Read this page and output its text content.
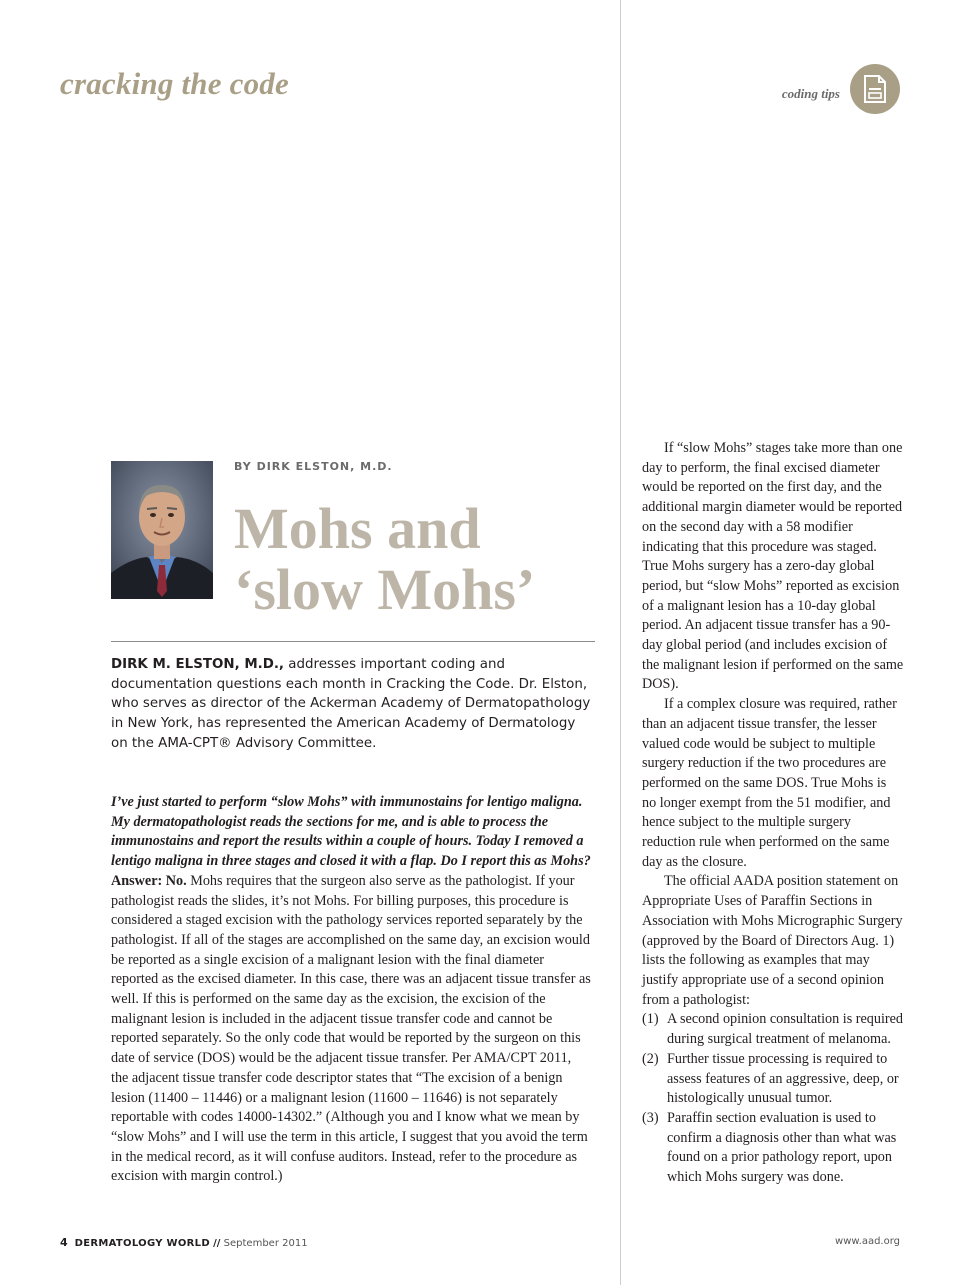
cracking the code	coding tips
BY DIRK ELSTON, M.D.
Mohs and
‘slow Mohs’
DIRK M. ELSTON, M.D., addresses important coding and documentation questions each month in Cracking the Code. Dr. Elston, who serves as director of the Ackerman Academy of Dermatopathology in New York, has represented the American Academy of Dermatology on the AMA-CPT® Advisory Committee.
I’ve just started to perform “slow Mohs” with immunostains for lentigo maligna. My dermatopathologist reads the sections for me, and is able to process the immunostains and report the results within a couple of hours. Today I removed a lentigo maligna in three stages and closed it with a flap. Do I report this as Mohs?
Answer: No. Mohs requires that the surgeon also serve as the pathologist. If your pathologist reads the slides, it’s not Mohs. For billing purposes, this procedure is considered a staged excision with the pathology services reported separately by the pathologist. If all of the stages are accomplished on the same day, an excision would be reported as a single excision of a malignant lesion with the final diameter reported as the excised diameter. In this case, there was an adjacent tissue transfer as well. If this is performed on the same day as the excision, the excision of the malignant lesion is included in the adjacent tissue transfer code and cannot be reported separately. So the only code that would be reported by the surgeon on this date of service (DOS) would be the adjacent tissue transfer. Per AMA/CPT 2011, the adjacent tissue transfer code descriptor states that “The excision of a benign lesion (11400 – 11446) or a malignant lesion (11600 – 11646) is not separately reportable with codes 14000-14302.” (Although you and I know what we mean by “slow Mohs” and I will use the term in this article, I suggest that you avoid the term in the medical record, as it will confuse auditors. Instead, refer to the procedure as excision with margin control.)

If “slow Mohs” stages take more than one day to perform, the final excised diameter would be reported on the first day, and the additional margin diameter would be reported on the second day with a 58 modifier indicating that this procedure was staged. True Mohs surgery has a zero-day global period, but “slow Mohs” reported as excision of a malignant lesion has a 10-day global period. An adjacent tissue transfer has a 90-day global period (and includes excision of the malignant lesion if performed on the same DOS).

If a complex closure was required, rather than an adjacent tissue transfer, the lesser valued code would be subject to multiple surgery reduction if the two procedures are performed on the same DOS. True Mohs is no longer exempt from the 51 modifier, and hence subject to the multiple surgery reduction rule when performed on the same day as the closure.

The official AADA position statement on Appropriate Uses of Paraffin Sections in Association with Mohs Micrographic Surgery (approved by the Board of Directors Aug. 1) lists the following as examples that may justify appropriate use of a second opinion from a pathologist:

(1) A second opinion consultation is required during surgical treatment of melanoma.
(2) Further tissue processing is required to assess features of an aggressive, deep, or histologically unusual tumor.
(3) Paraffin section evaluation is used to confirm a diagnosis other than what was found on a prior pathology report, upon which Mohs surgery was done.
4 DERMATOLOGY WORLD // September 2011	www.aad.org
